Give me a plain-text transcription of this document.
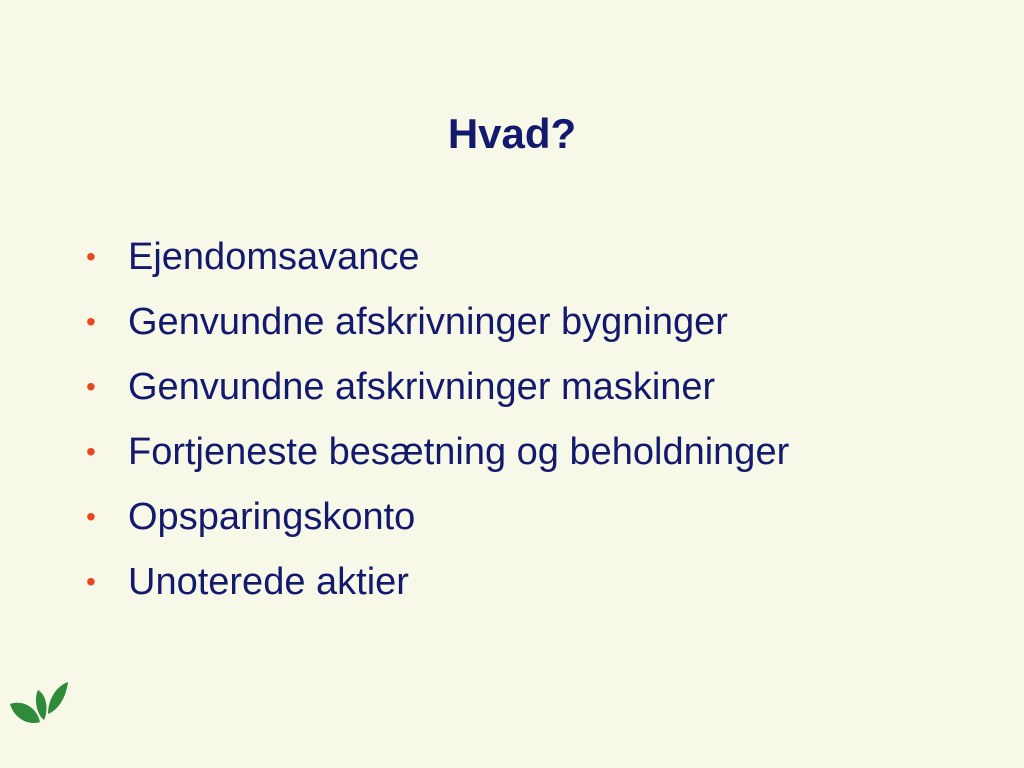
Hvad?
• Ejendomsavance
• Genvundne afskrivninger bygninger
• Genvundne afskrivninger maskiner
• Fortjeneste besætning og beholdninger
• Opsparingskonto
• Unoterede aktier
